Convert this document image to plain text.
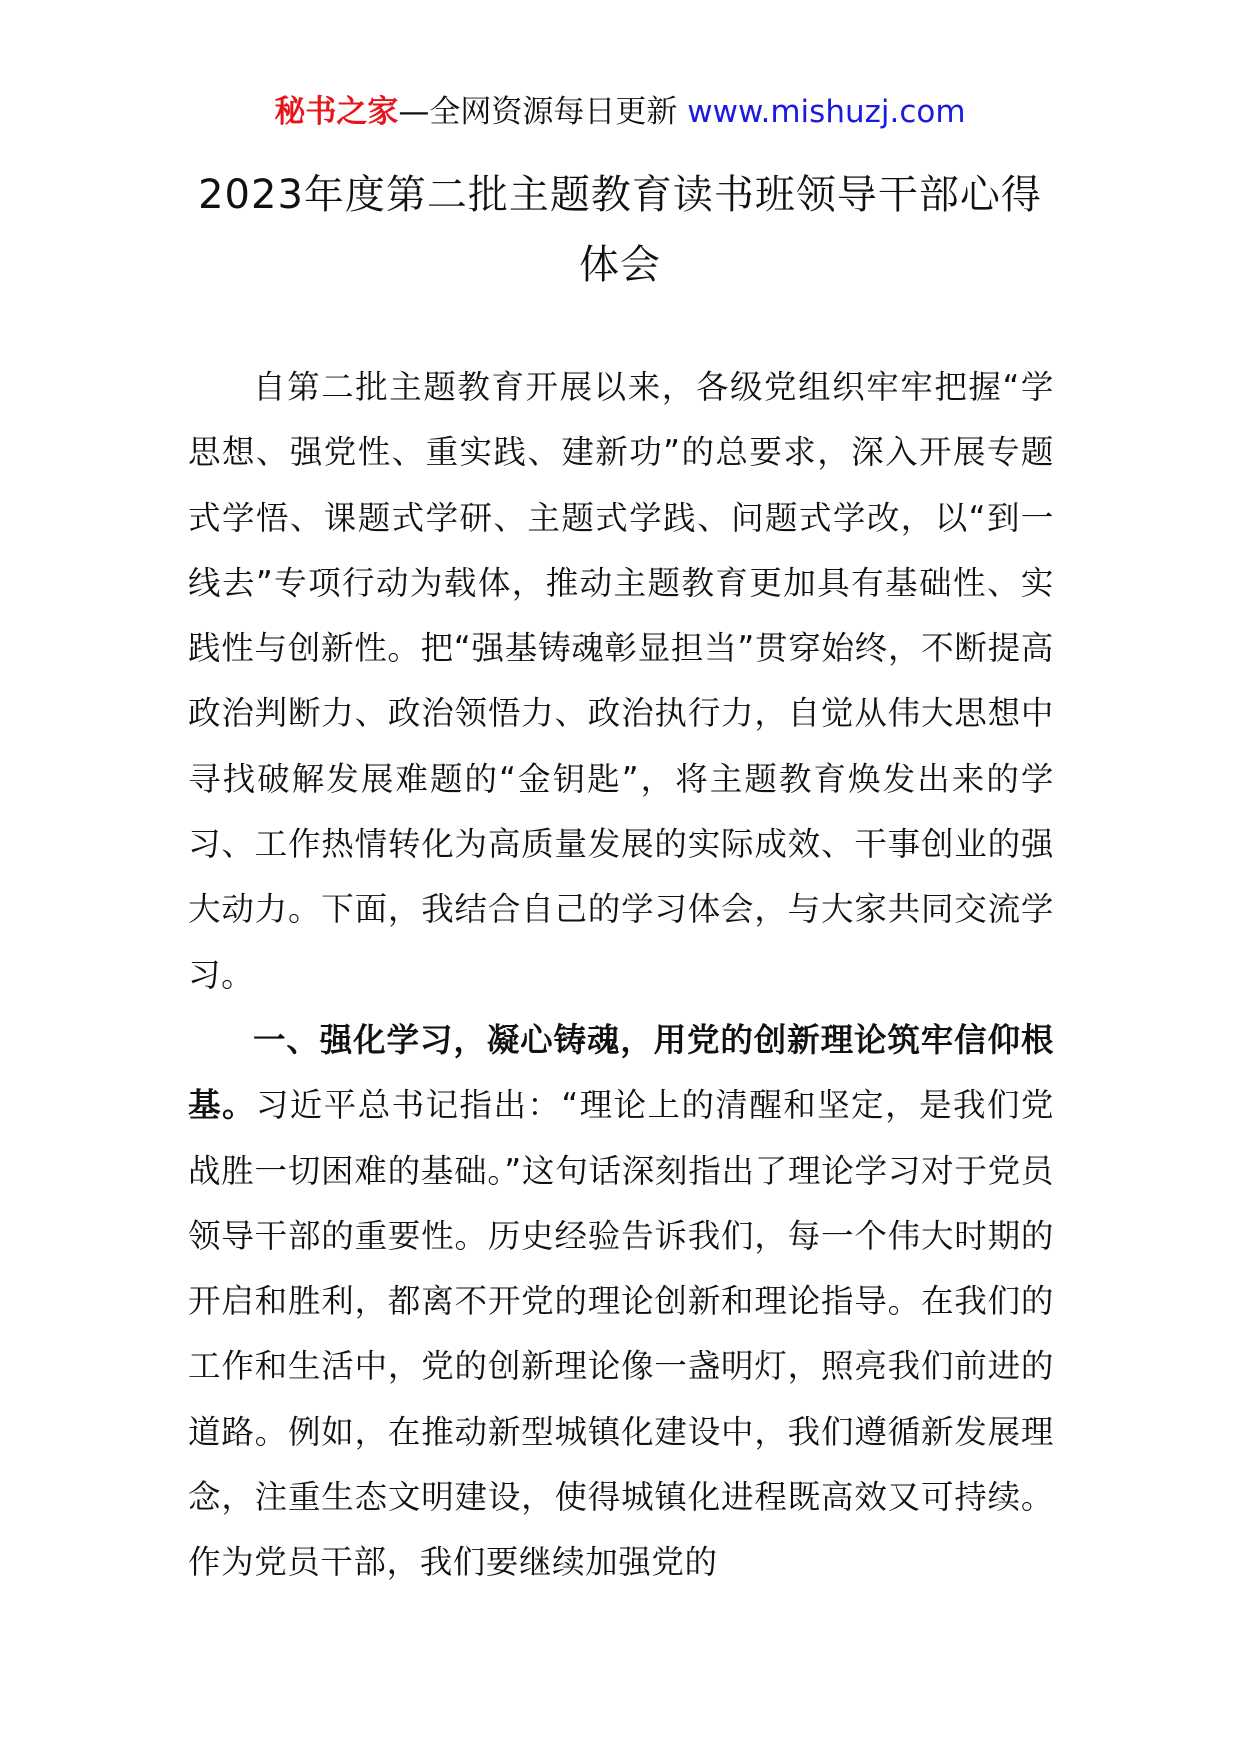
秘书之家—全网资源每日更新 www.mishuzj.com
2023年度第二批主题教育读书班领导干部心得体会

自第二批主题教育开展以来，各级党组织牢牢把握“学思想、强党性、重实践、建新功”的总要求，深入开展专题式学悟、课题式学研、主题式学践、问题式学改，以“到一线去”专项行动为载体，推动主题教育更加具有基础性、实践性与创新性。把“强基铸魂彰显担当”贯穿始终，不断提高政治判断力、政治领悟力、政治执行力，自觉从伟大思想中寻找破解发展难题的“金钥匙”，将主题教育焕发出来的学习、工作热情转化为高质量发展的实际成效、干事创业的强大动力。下面，我结合自己的学习体会，与大家共同交流学习。

一、强化学习，凝心铸魂，用党的创新理论筑牢信仰根基。习近平总书记指出：“理论上的清醒和坚定，是我们党战胜一切困难的基础。”这句话深刻指出了理论学习对于党员领导干部的重要性。历史经验告诉我们，每一个伟大时期的开启和胜利，都离不开党的理论创新和理论指导。在我们的工作和生活中，党的创新理论像一盏明灯，照亮我们前进的道路。例如，在推动新型城镇化建设中，我们遵循新发展理念，注重生态文明建设，使得城镇化进程既高效又可持续。作为党员干部，我们要继续加强党的
